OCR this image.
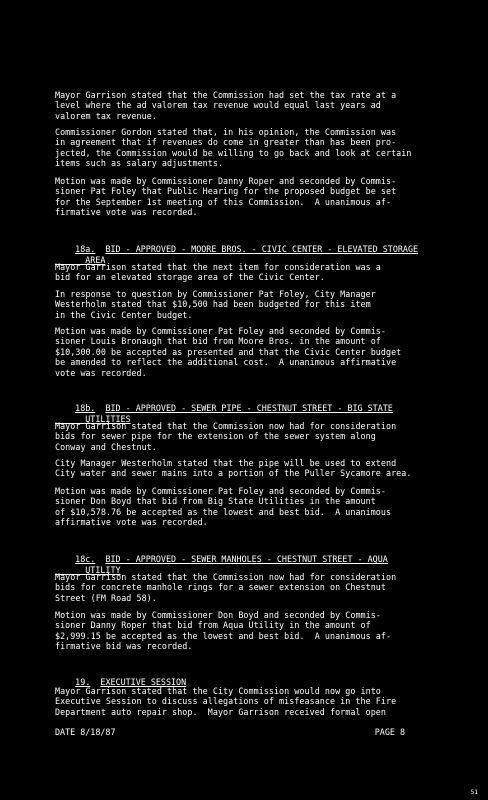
Mayor Garrison stated that the Commission had set the tax rate at a
level where the ad valorem tax revenue would equal last years ad
valorem tax revenue.
Commissioner Gordon stated that, in his opinion, the Commission was
in agreement that if revenues do come in greater than has been pro-
jected, the Commission would be willing to go back and look at certain
items such as salary adjustments.
Motion was made by Commissioner Danny Roper and seconded by Commis-
sioner Pat Foley that Public Hearing for the proposed budget be set
for the September 1st meeting of this Commission.  A unanimous af-
firmative vote was recorded.

18a. BID - APPROVED - MOORE BROS. - CIVIC CENTER - ELEVATED STORAGE
AREA

Mayor Garrison stated that the next item for consideration was a
bid for an elevated storage area of the Civic Center.
In response to question by Commissioner Pat Foley, City Manager
Westerholm stated that $10,500 had been budgeted for this item
in the Civic Center budget.
Motion was made by Commissioner Pat Foley and seconded by Commis-
sioner Louis Bronaugh that bid from Moore Bros. in the amount of
$10,300.00 be accepted as presented and that the Civic Center budget
be amended to reflect the additional cost.  A unanimous affirmative
vote was recorded.

18b. BID - APPROVED - SEWER PIPE - CHESTNUT STREET - BIG STATE
UTILITIES

Mayor Garrison stated that the Commission now had for consideration
bids for sewer pipe for the extension of the sewer system along
Conway and Chestnut.
City Manager Westerholm stated that the pipe will be used to extend
City water and sewer mains into a portion of the Puller Sycamore area.
Motion was made by Commissioner Pat Foley and seconded by Commis-
sioner Don Boyd that bid from Big State Utilities in the amount
of $10,578.76 be accepted as the lowest and best bid.  A unanimous
affirmative vote was recorded.

18c. BID - APPROVED - SEWER MANHOLES - CHESTNUT STREET - AQUA
UTILITY

Mayor Garrison stated that the Commission now had for consideration
bids for concrete manhole rings for a sewer extension on Chestnut
Street (FM Road 58).
Motion was made by Commissioner Don Boyd and seconded by Commis-
sioner Danny Roper that bid from Aqua Utility in the amount of
$2,999.15 be accepted as the lowest and best bid.  A unanimous af-
firmative bid was recorded.

19. EXECUTIVE SESSION

Mayor Garrison stated that the City Commission would now go into
Executive Session to discuss allegations of misfeasance in the Fire
Department auto repair shop.  Mayor Garrison received formal open
DATE 8/18/87	PAGE 8
51
